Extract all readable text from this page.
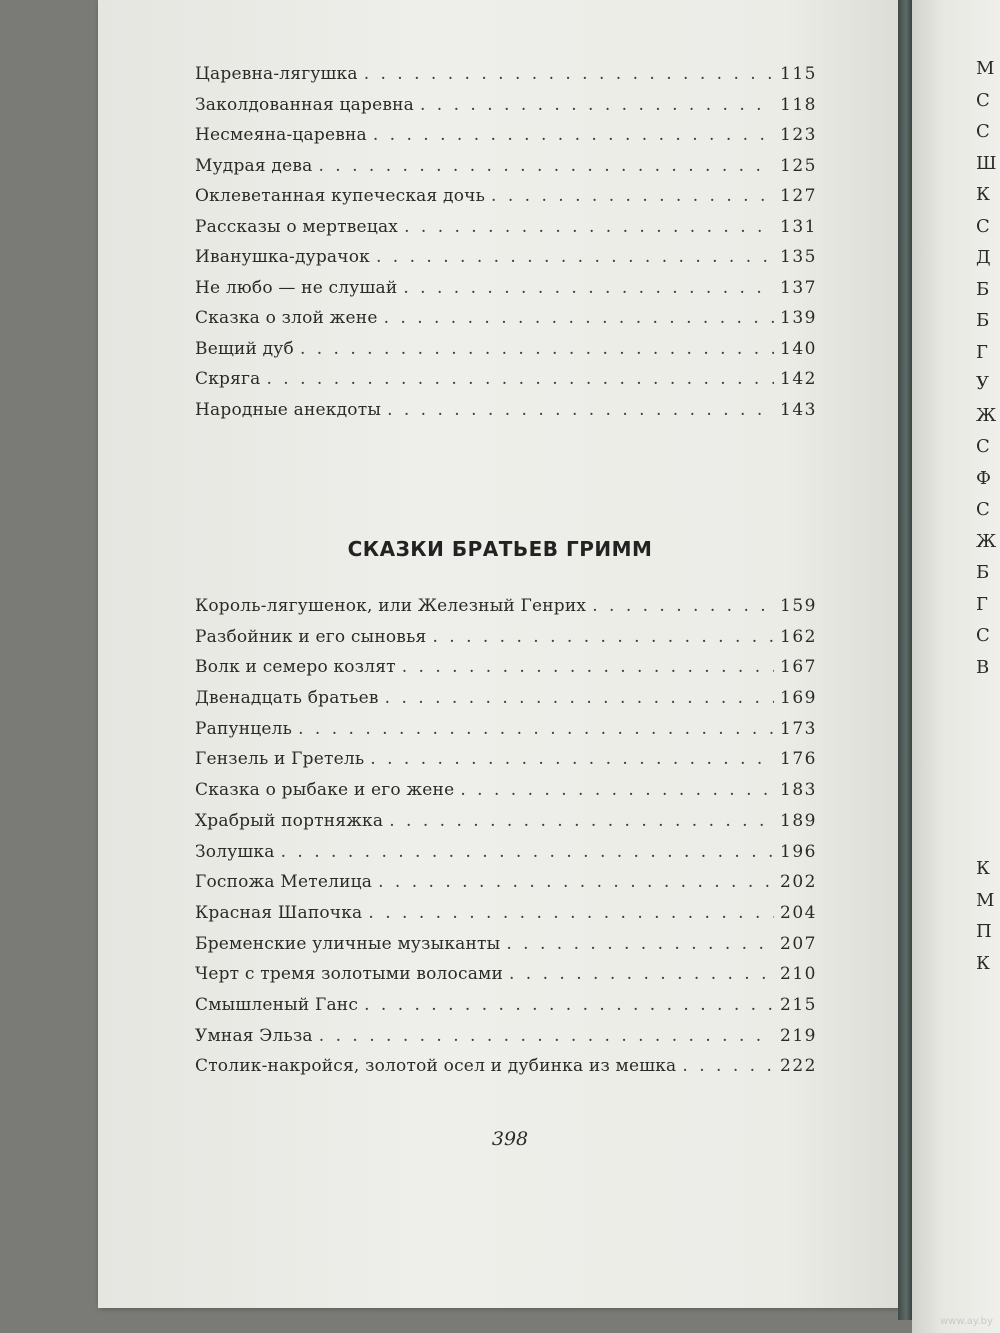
Царевна-лягушка . . .	115
Заколдованная царевна . . .	118
Несмеяна-царевна . . .	123
Мудрая дева . . .	125
Оклеветанная купеческая дочь . . .	127
Рассказы о мертвецах . . .	131
Иванушка-дурачок . . .	135
Не любо — не слушай . . .	137
Сказка о злой жене . . .	139
Вещий дуб . . .	140
Скряга . . .	142
Народные анекдоты . . .	143
СКАЗКИ БРАТЬЕВ ГРИММ
Король-лягушенок, или Железный Генрих . . .	159
Разбойник и его сыновья . . .	162
Волк и семеро козлят . . .	167
Двенадцать братьев . . .	169
Рапунцель . . .	173
Гензель и Гретель . . .	176
Сказка о рыбаке и его жене . . .	183
Храбрый портняжка . . .	189
Золушка . . .	196
Госпожа Метелица . . .	202
Красная Шапочка . . .	204
Бременские уличные музыканты . . .	207
Черт с тремя золотыми волосами . . .	210
Смышленый Ганс . . .	215
Умная Эльза . . .	219
Столик-накройся, золотой осел и дубинка из мешка . . .	222
398
М
С
С
Ш
К
С
Д
Б
Б
Г
У
Ж
С
Ф
С
Ж
Б
Г
С
В
К
М
П
К
www.ay.by
